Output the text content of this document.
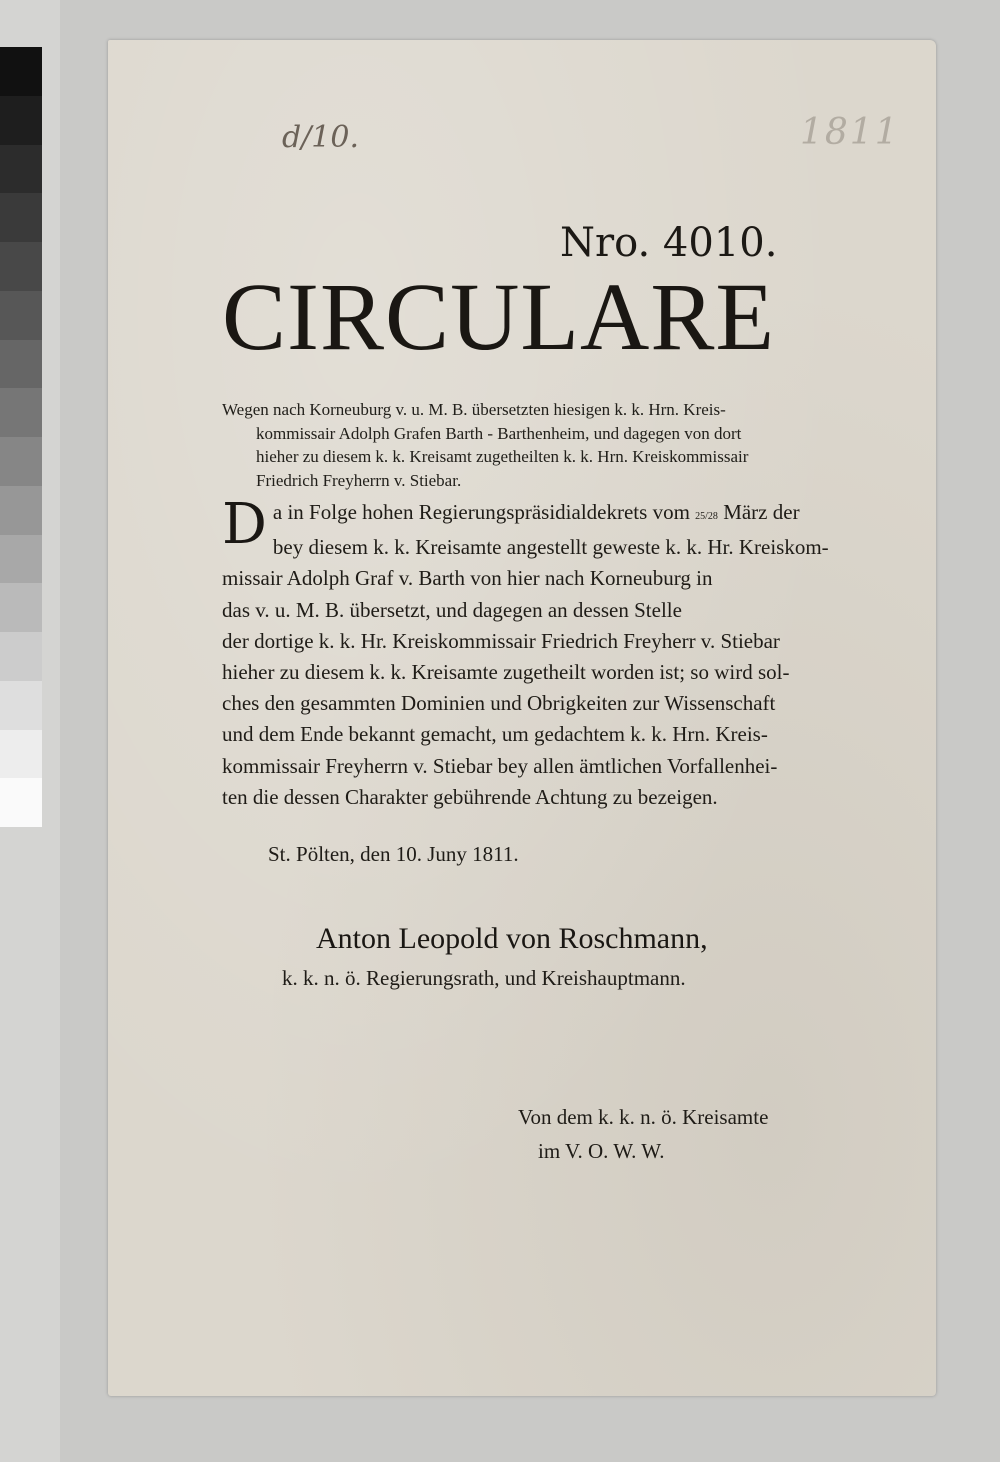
d/10.	1811
Nro. 4010.
CIRCULARE
Wegen nach Korneuburg v. u. M. B. übersetzten hiesigen k. k. Hrn. Kreis-
kommissair Adolph Grafen Barth - Barthenheim, und dagegen von dort
hieher zu diesem k. k. Kreisamt zugetheilten k. k. Hrn. Kreiskommissair
Friedrich Freyherrn v. Stiebar.
D a in Folge hohen Regierungspräsidialdekrets vom 25/28 März der
bey diesem k. k. Kreisamte angestellt geweste k. k. Hr. Kreiskom-
missair Adolph Graf v. Barth von hier nach Korneuburg in
das v. u. M. B. übersetzt, und dagegen an dessen Stelle
der dortige k. k. Hr. Kreiskommissair Friedrich Freyherr v. Stiebar
hieher zu diesem k. k. Kreisamte zugetheilt worden ist; so wird sol-
ches den gesammten Dominien und Obrigkeiten zur Wissenschaft
und dem Ende bekannt gemacht, um gedachtem k. k. Hrn. Kreis-
kommissair Freyherrn v. Stiebar bey allen ämtlichen Vorfallenhei-
ten die dessen Charakter gebührende Achtung zu bezeigen.
St. Pölten, den 10. Juny 1811.
Anton Leopold von Roschmann,
k. k. n. ö. Regierungsrath, und Kreishauptmann.
Von dem k. k. n. ö. Kreisamte
im V. O. W. W.
